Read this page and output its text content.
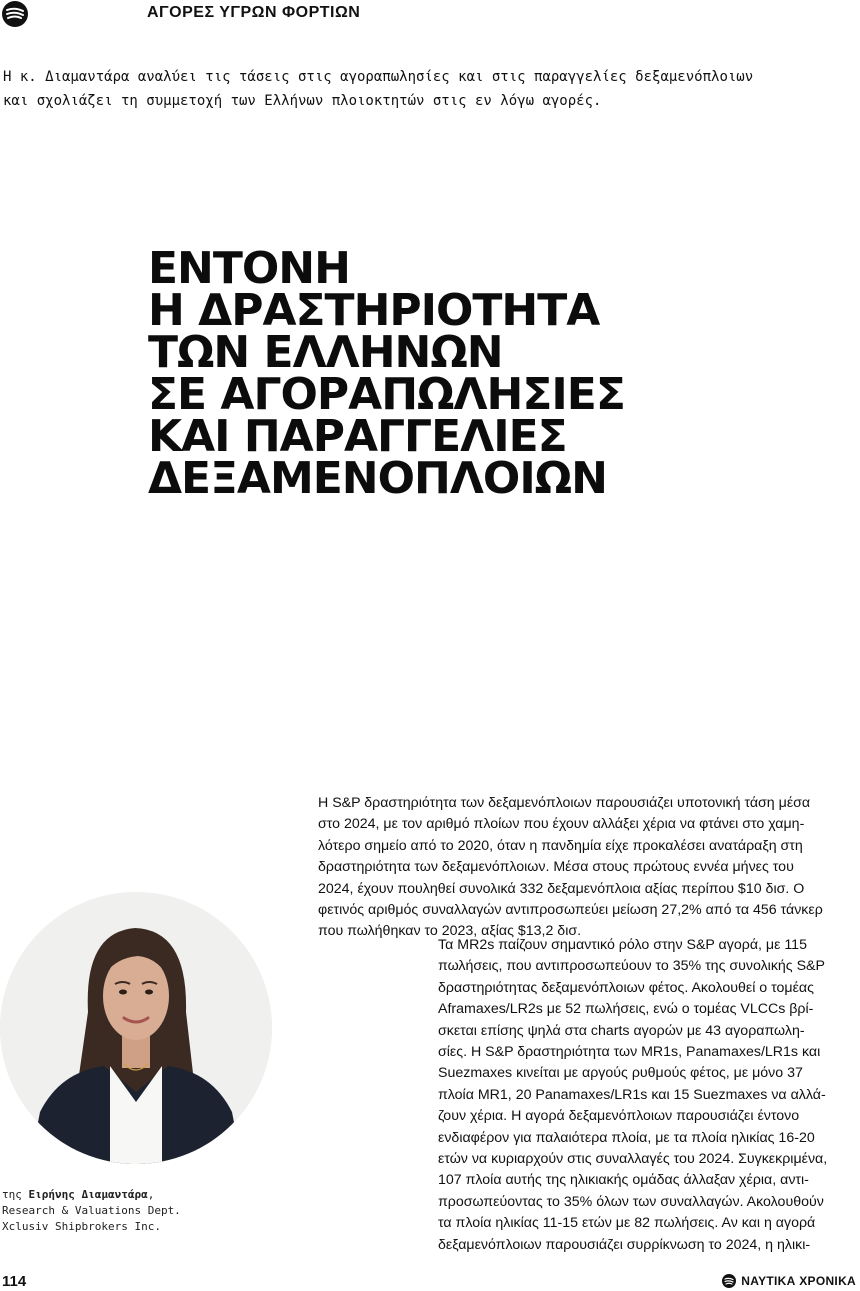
ΑΓΟΡΕΣ ΥΓΡΩΝ ΦΟΡΤΙΩΝ

Η κ. Διαμαντάρα αναλύει τις τάσεις στις αγοραπωλησίες και στις παραγγελίες δεξαμενόπλοιων
και σχολιάζει τη συμμετοχή των Ελλήνων πλοιοκτητών στις εν λόγω αγορές.

ΕΝΤΟΝΗ
Η ΔΡΑΣΤΗΡΙΟΤΗΤΑ
ΤΩΝ ΕΛΛΗΝΩΝ
ΣΕ ΑΓΟΡΑΠΩΛΗΣΙΕΣ
ΚΑΙ ΠΑΡΑΓΓΕΛΙΕΣ
ΔΕΞΑΜΕΝΟΠΛΟΙΩΝ
της Ειρήνης Διαμαντάρα,
Research & Valuations Dept.
Xclusiv Shipbrokers Inc.

Η S&P δραστηριότητα των δεξαμενόπλοιων παρουσιάζει υποτονική τάση μέσα
στο 2024, με τον αριθμό πλοίων που έχουν αλλάξει χέρια να φτάνει στο χαμη-
λότερο σημείο από το 2020, όταν η πανδημία είχε προκαλέσει ανατάραξη στη
δραστηριότητα των δεξαμενόπλοιων. Μέσα στους πρώτους εννέα μήνες του
2024, έχουν πουληθεί συνολικά 332 δεξαμενόπλοια αξίας περίπου $10 δισ. Ο
φετινός αριθμός συναλλαγών αντιπροσωπεύει μείωση 27,2% από τα 456 τάνκερ
που πωλήθηκαν το 2023, αξίας $13,2 δισ.

Τα MR2s παίζουν σημαντικό ρόλο στην S&P αγορά, με 115
πωλήσεις, που αντιπροσωπεύουν το 35% της συνολικής S&P
δραστηριότητας δεξαμενόπλοιων φέτος. Ακολουθεί ο τομέας
Aframaxes/LR2s με 52 πωλήσεις, ενώ ο τομέας VLCCs βρί-
σκεται επίσης ψηλά στα charts αγορών με 43 αγοραπωλη-
σίες. Η S&P δραστηριότητα των MR1s, Panamaxes/LR1s και
Suezmaxes κινείται με αργούς ρυθμούς φέτος, με μόνο 37
πλοία MR1, 20 Panamaxes/LR1s και 15 Suezmaxes να αλλά-
ζουν χέρια. Η αγορά δεξαμενόπλοιων παρουσιάζει έντονο
ενδιαφέρον για παλαιότερα πλοία, με τα πλοία ηλικίας 16-20
ετών να κυριαρχούν στις συναλλαγές του 2024. Συγκεκριμένα,
107 πλοία αυτής της ηλικιακής ομάδας άλλαξαν χέρια, αντι-
προσωπεύοντας το 35% όλων των συναλλαγών. Ακολουθούν
τα πλοία ηλικίας 11-15 ετών με 82 πωλήσεις. Αν και η αγορά
δεξαμενόπλοιων παρουσιάζει συρρίκνωση το 2024, η ηλικι-

114	ΝΑΥΤΙΚΑ ΧΡΟΝΙΚΑ
